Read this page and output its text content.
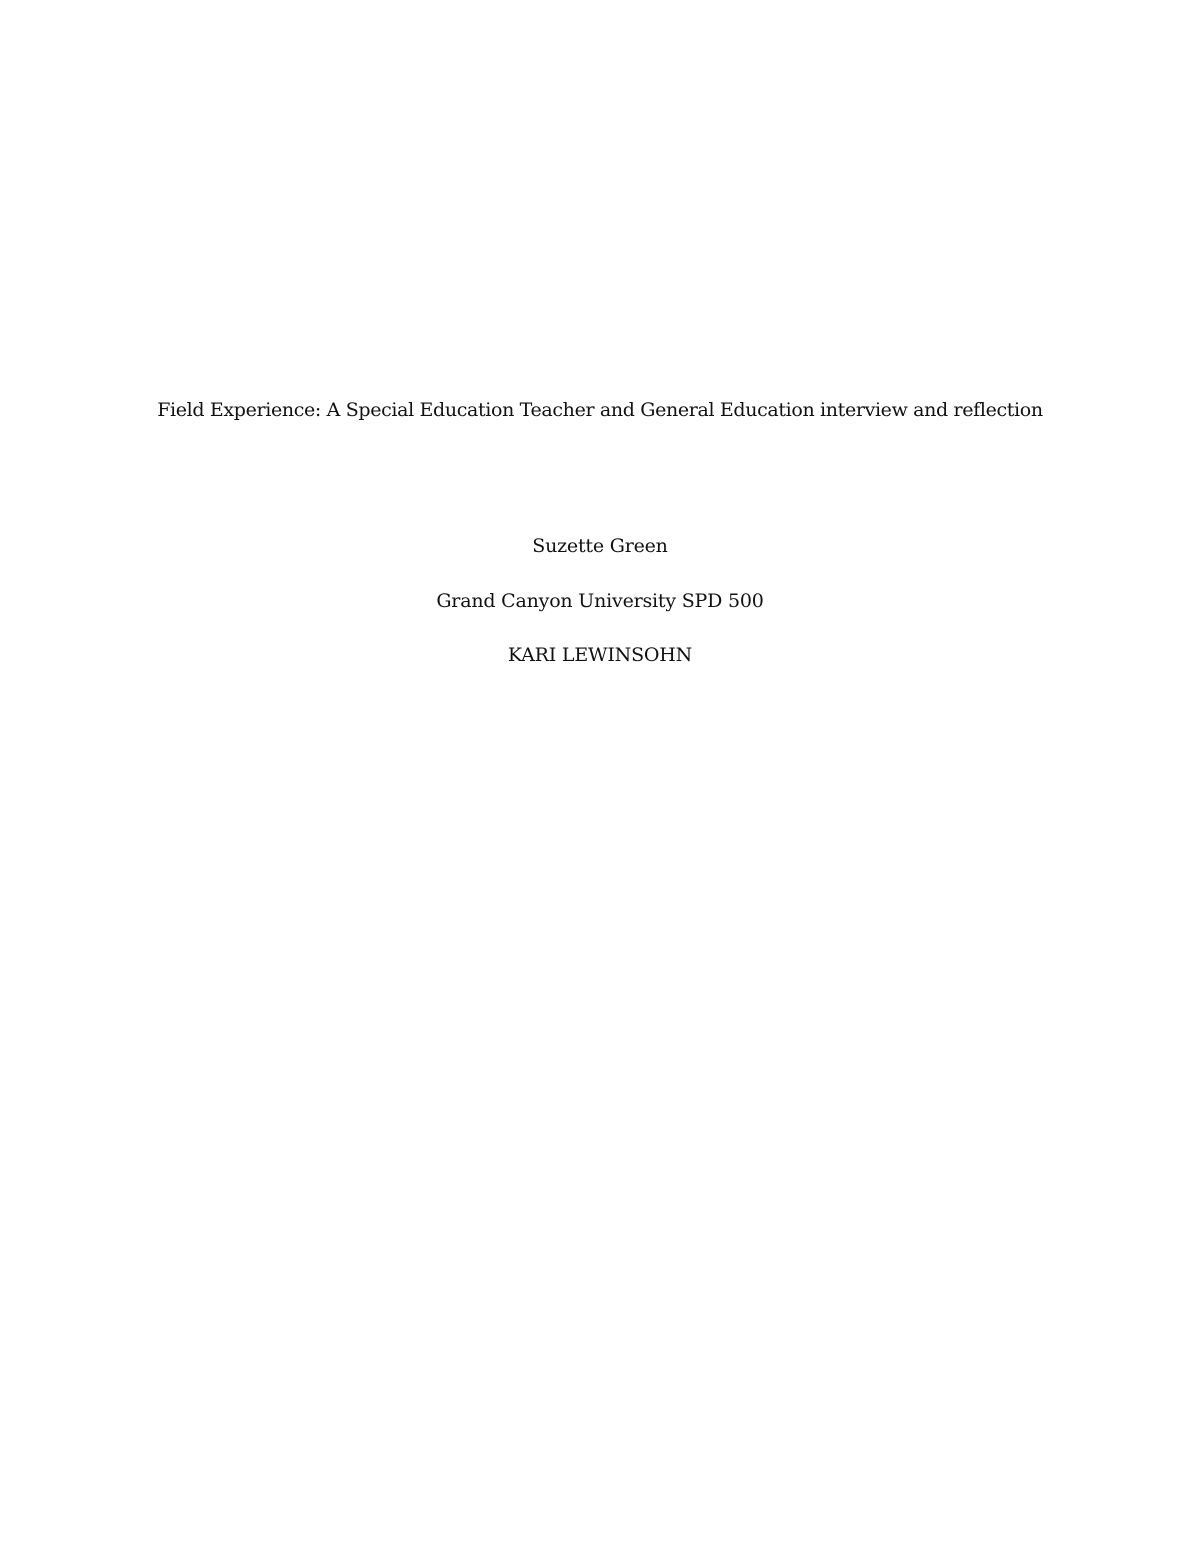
Field Experience: A Special Education Teacher and General Education interview and reflection
Suzette Green
Grand Canyon University SPD 500
KARI LEWINSOHN
